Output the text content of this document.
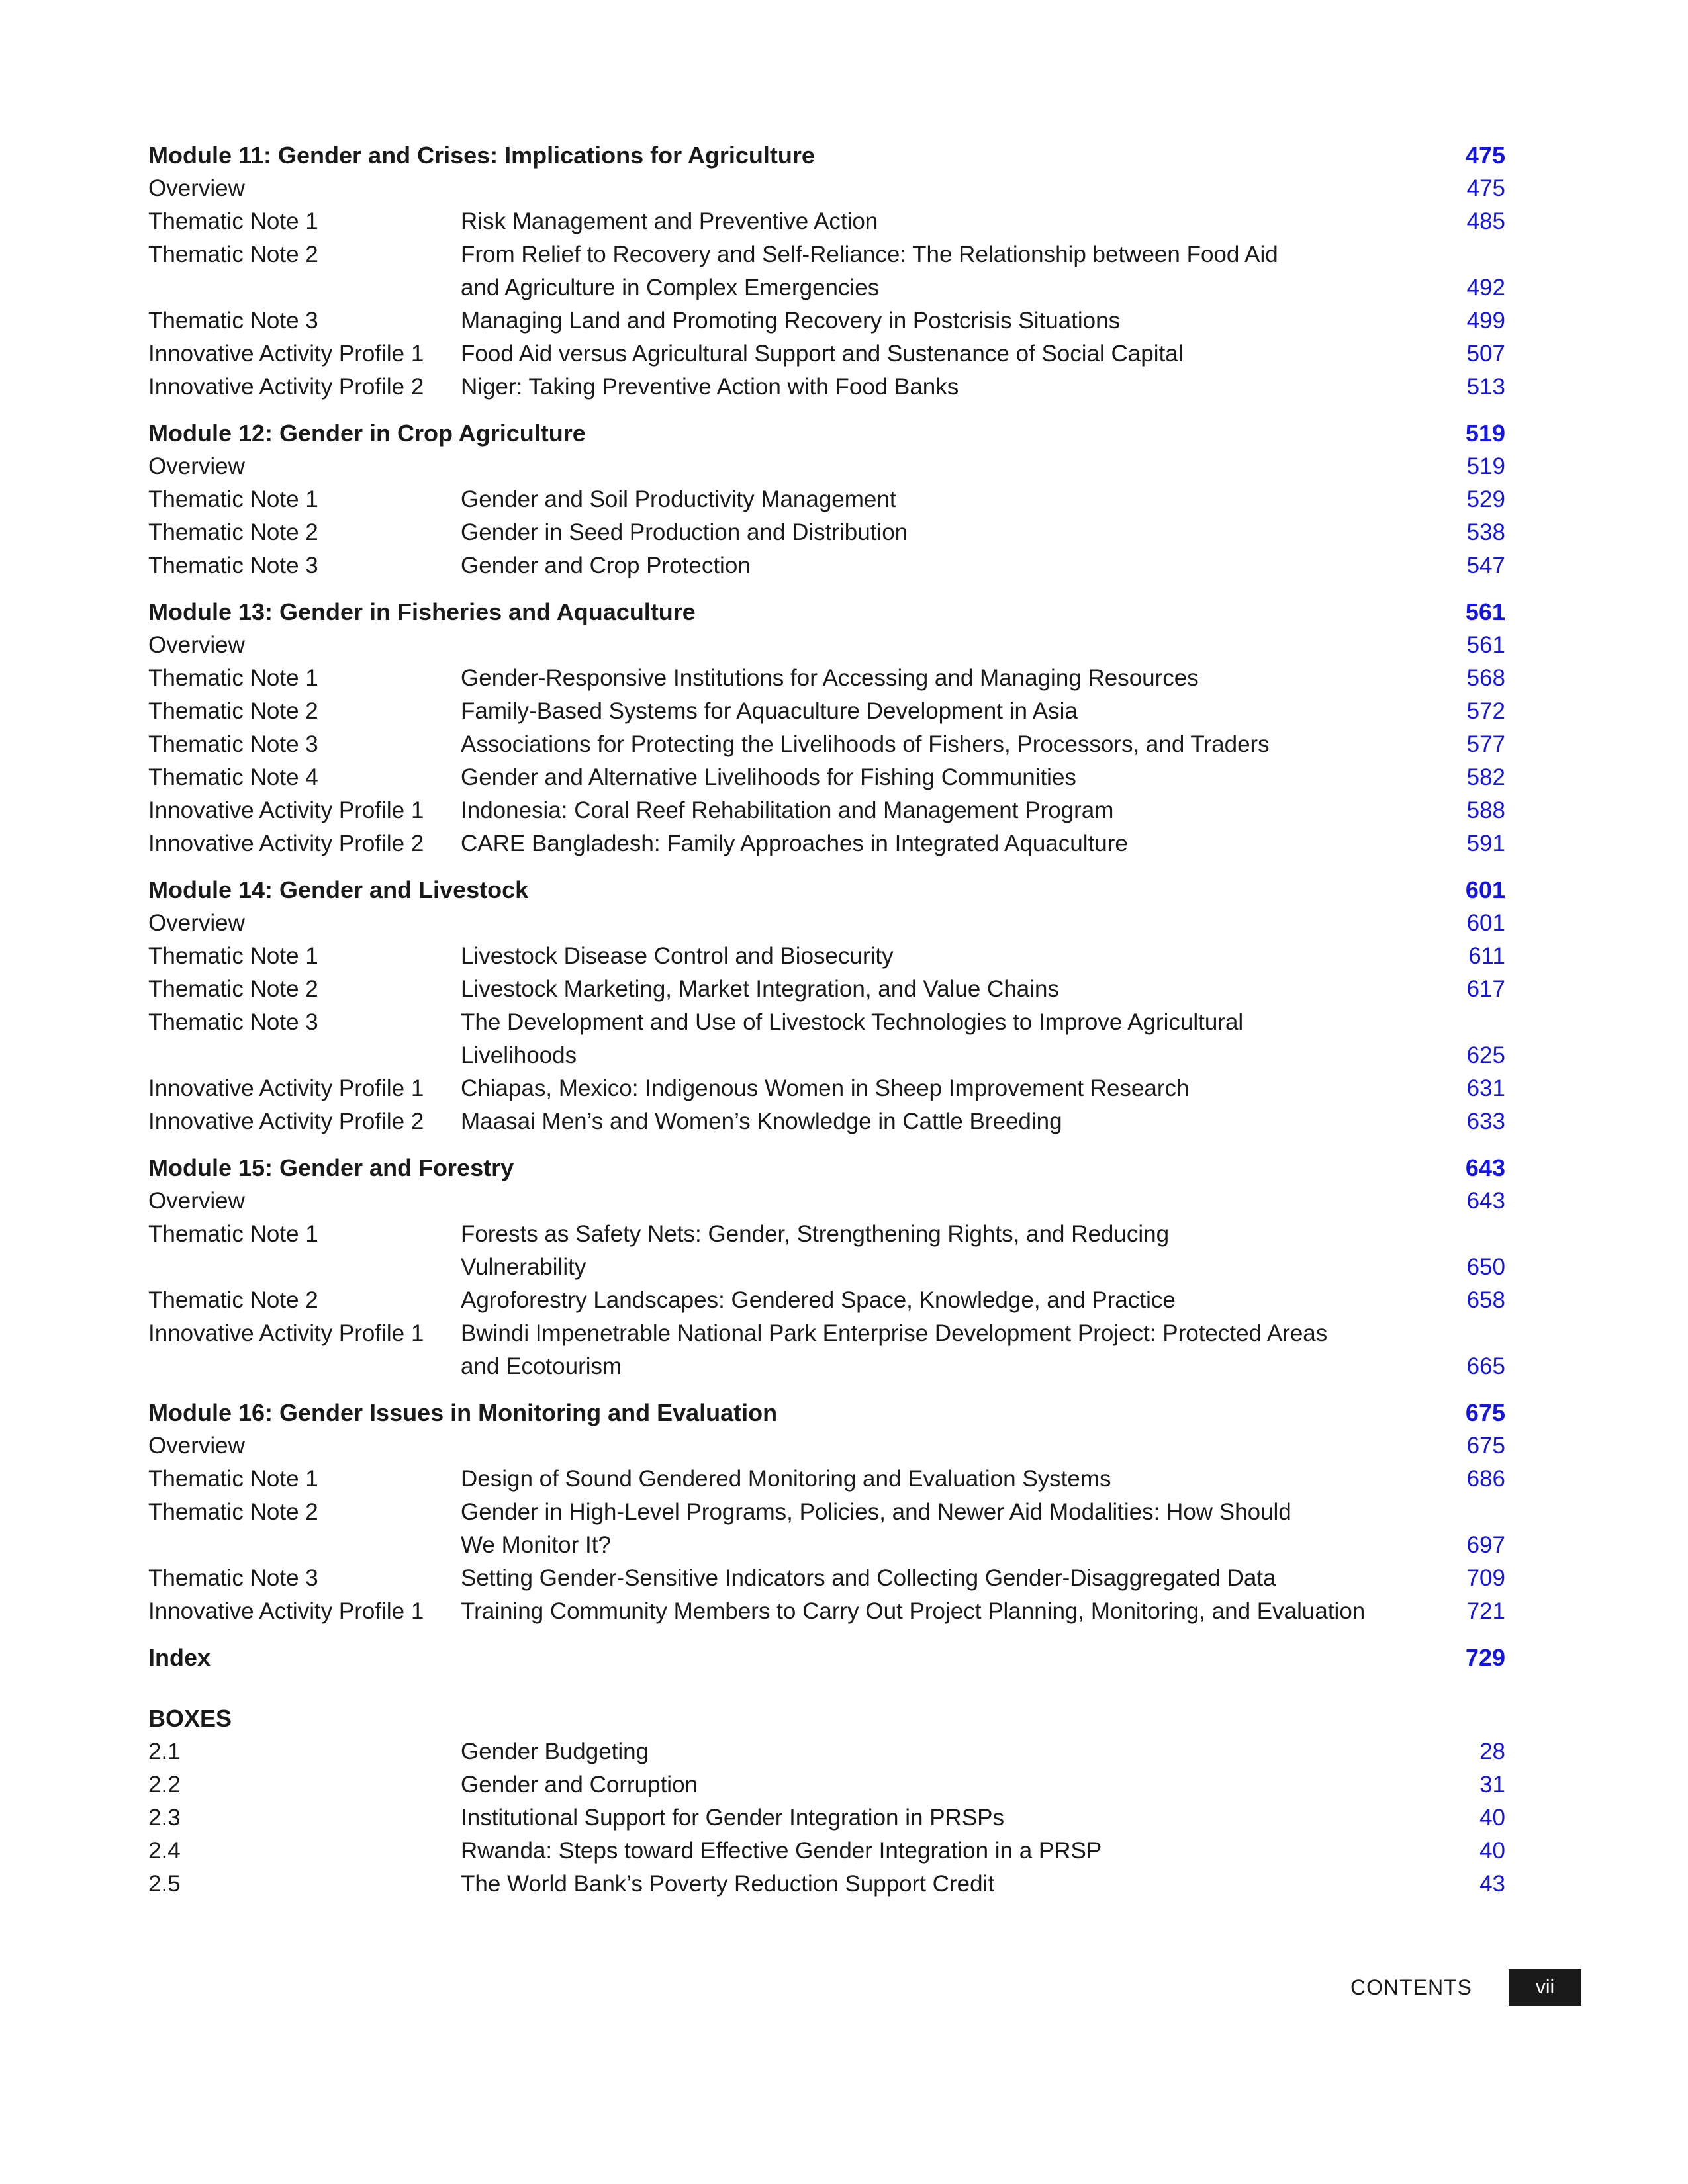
Module 11: Gender and Crises: Implications for Agriculture	475
Overview	475
Thematic Note 1	Risk Management and Preventive Action	485
Thematic Note 2	From Relief to Recovery and Self-Reliance: The Relationship between Food Aid
and Agriculture in Complex Emergencies	492
Thematic Note 3	Managing Land and Promoting Recovery in Postcrisis Situations	499
Innovative Activity Profile 1	Food Aid versus Agricultural Support and Sustenance of Social Capital	507
Innovative Activity Profile 2	Niger: Taking Preventive Action with Food Banks	513
Module 12: Gender in Crop Agriculture	519
Overview	519
Thematic Note 1	Gender and Soil Productivity Management	529
Thematic Note 2	Gender in Seed Production and Distribution	538
Thematic Note 3	Gender and Crop Protection	547
Module 13: Gender in Fisheries and Aquaculture	561
Overview	561
Thematic Note 1	Gender-Responsive Institutions for Accessing and Managing Resources	568
Thematic Note 2	Family-Based Systems for Aquaculture Development in Asia	572
Thematic Note 3	Associations for Protecting the Livelihoods of Fishers, Processors, and Traders	577
Thematic Note 4	Gender and Alternative Livelihoods for Fishing Communities	582
Innovative Activity Profile 1	Indonesia: Coral Reef Rehabilitation and Management Program	588
Innovative Activity Profile 2	CARE Bangladesh: Family Approaches in Integrated Aquaculture	591
Module 14: Gender and Livestock	601
Overview	601
Thematic Note 1	Livestock Disease Control and Biosecurity	611
Thematic Note 2	Livestock Marketing, Market Integration, and Value Chains	617
Thematic Note 3	The Development and Use of Livestock Technologies to Improve Agricultural
Livelihoods	625
Innovative Activity Profile 1	Chiapas, Mexico: Indigenous Women in Sheep Improvement Research	631
Innovative Activity Profile 2	Maasai Men’s and Women’s Knowledge in Cattle Breeding	633
Module 15: Gender and Forestry	643
Overview	643
Thematic Note 1	Forests as Safety Nets: Gender, Strengthening Rights, and Reducing
Vulnerability	650
Thematic Note 2	Agroforestry Landscapes: Gendered Space, Knowledge, and Practice	658
Innovative Activity Profile 1	Bwindi Impenetrable National Park Enterprise Development Project: Protected Areas
and Ecotourism	665
Module 16: Gender Issues in Monitoring and Evaluation	675
Overview	675
Thematic Note 1	Design of Sound Gendered Monitoring and Evaluation Systems	686
Thematic Note 2	Gender in High-Level Programs, Policies, and Newer Aid Modalities: How Should
We Monitor It?	697
Thematic Note 3	Setting Gender-Sensitive Indicators and Collecting Gender-Disaggregated Data	709
Innovative Activity Profile 1	Training Community Members to Carry Out Project Planning, Monitoring, and Evaluation	721
Index	729
BOXES
2.1	Gender Budgeting	28
2.2	Gender and Corruption	31
2.3	Institutional Support for Gender Integration in PRSPs	40
2.4	Rwanda: Steps toward Effective Gender Integration in a PRSP	40
2.5	The World Bank’s Poverty Reduction Support Credit	43
CONTENTS	vii
